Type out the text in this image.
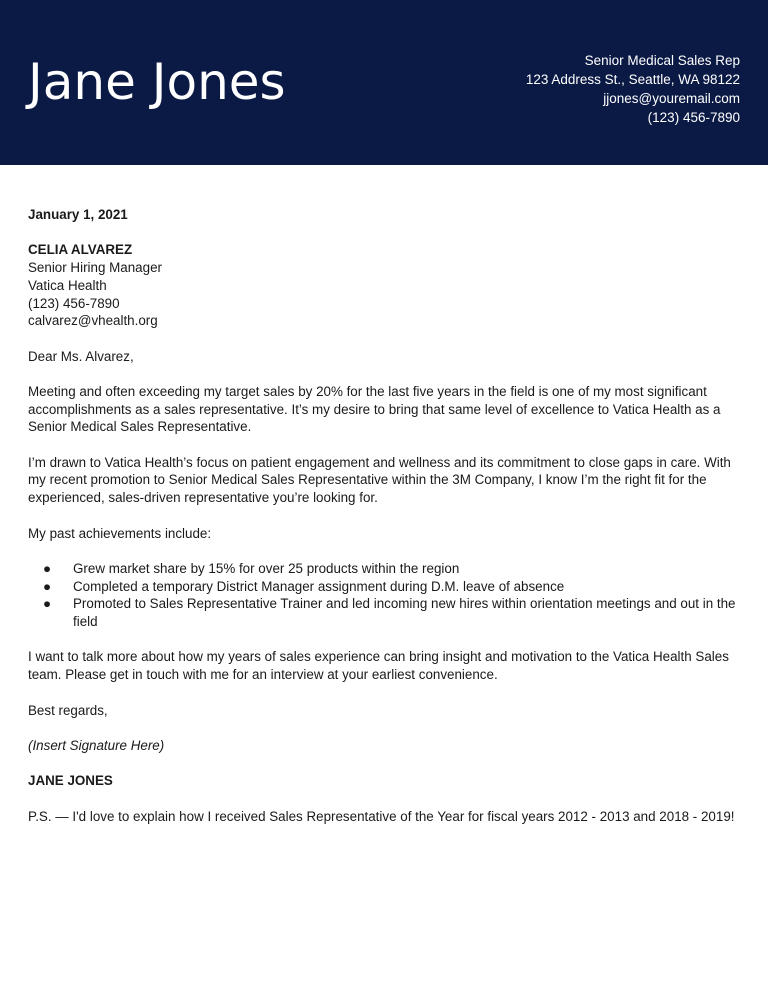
Jane Jones	Senior Medical Sales Rep
123 Address St., Seattle, WA 98122
jjones@youremail.com
(123) 456-7890

January 1, 2021

CELIA ALVAREZ
Senior Hiring Manager
Vatica Health
(123) 456-7890
calvarez@vhealth.org

Dear Ms. Alvarez,

Meeting and often exceeding my target sales by 20% for the last five years in the field is one of my most significant accomplishments as a sales representative. It’s my desire to bring that same level of excellence to Vatica Health as a Senior Medical Sales Representative.

I’m drawn to Vatica Health’s focus on patient engagement and wellness and its commitment to close gaps in care. With my recent promotion to Senior Medical Sales Representative within the 3M Company, I know I’m the right fit for the experienced, sales-driven representative you’re looking for.

My past achievements include:

● Grew market share by 15% for over 25 products within the region
● Completed a temporary District Manager assignment during D.M. leave of absence
● Promoted to Sales Representative Trainer and led incoming new hires within orientation meetings and out in the field

I want to talk more about how my years of sales experience can bring insight and motivation to the Vatica Health Sales team. Please get in touch with me for an interview at your earliest convenience.

Best regards,

(Insert Signature Here)

JANE JONES

P.S. — I'd love to explain how I received Sales Representative of the Year for fiscal years 2012 - 2013 and 2018 - 2019!
